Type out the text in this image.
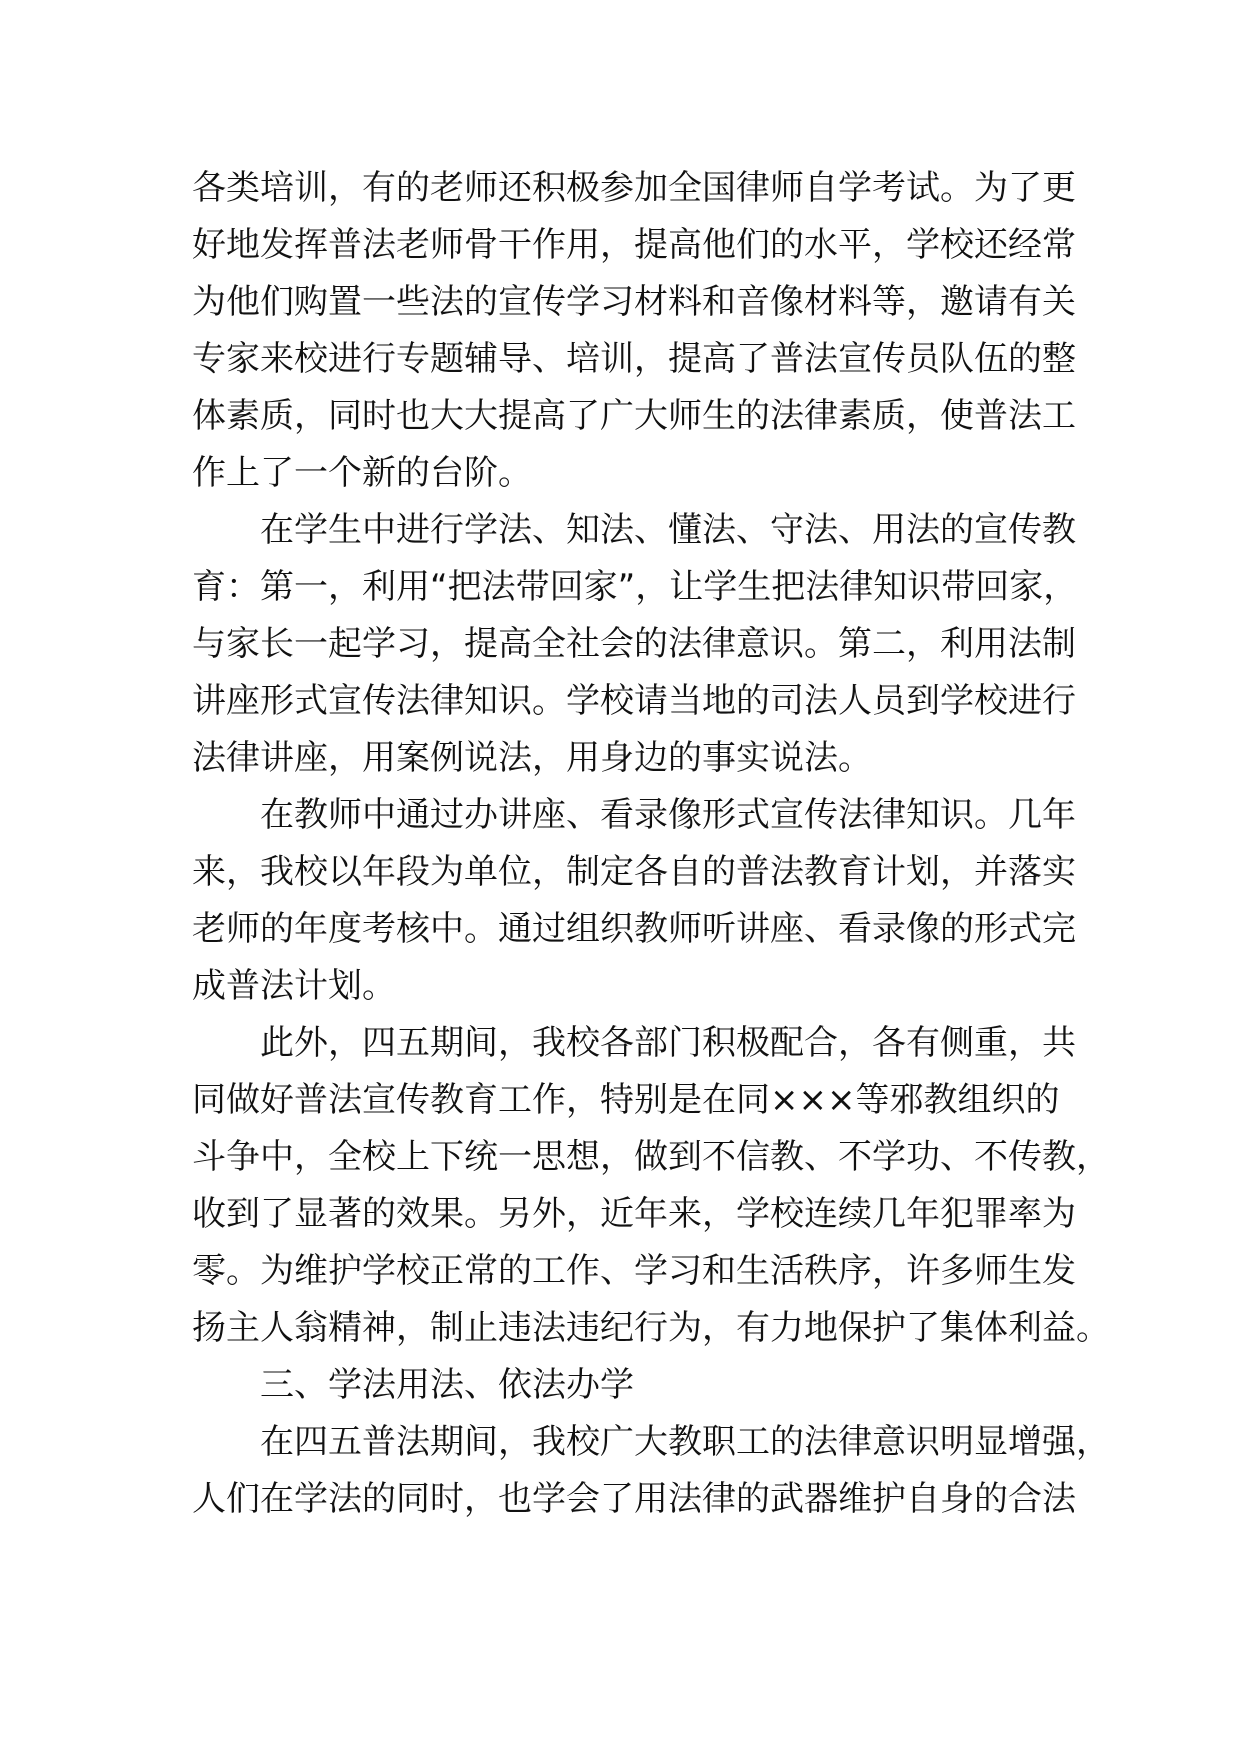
各类培训，有的老师还积极参加全国律师自学考试。为了更
好地发挥普法老师骨干作用，提高他们的水平，学校还经常
为他们购置一些法的宣传学习材料和音像材料等，邀请有关
专家来校进行专题辅导、培训，提高了普法宣传员队伍的整
体素质，同时也大大提高了广大师生的法律素质，使普法工
作上了一个新的台阶。
在学生中进行学法、知法、懂法、守法、用法的宣传教
育：第一，利用“把法带回家”，让学生把法律知识带回家，
与家长一起学习，提高全社会的法律意识。第二，利用法制
讲座形式宣传法律知识。学校请当地的司法人员到学校进行
法律讲座，用案例说法，用身边的事实说法。
在教师中通过办讲座、看录像形式宣传法律知识。几年
来，我校以年段为单位，制定各自的普法教育计划，并落实
老师的年度考核中。通过组织教师听讲座、看录像的形式完
成普法计划。
此外，四五期间，我校各部门积极配合，各有侧重，共
同做好普法宣传教育工作，特别是在同×××等邪教组织的
斗争中，全校上下统一思想，做到不信教、不学功、不传教，
收到了显著的效果。另外，近年来，学校连续几年犯罪率为
零。为维护学校正常的工作、学习和生活秩序，许多师生发
扬主人翁精神，制止违法违纪行为，有力地保护了集体利益。
三、学法用法、依法办学
在四五普法期间，我校广大教职工的法律意识明显增强，
人们在学法的同时，也学会了用法律的武器维护自身的合法
